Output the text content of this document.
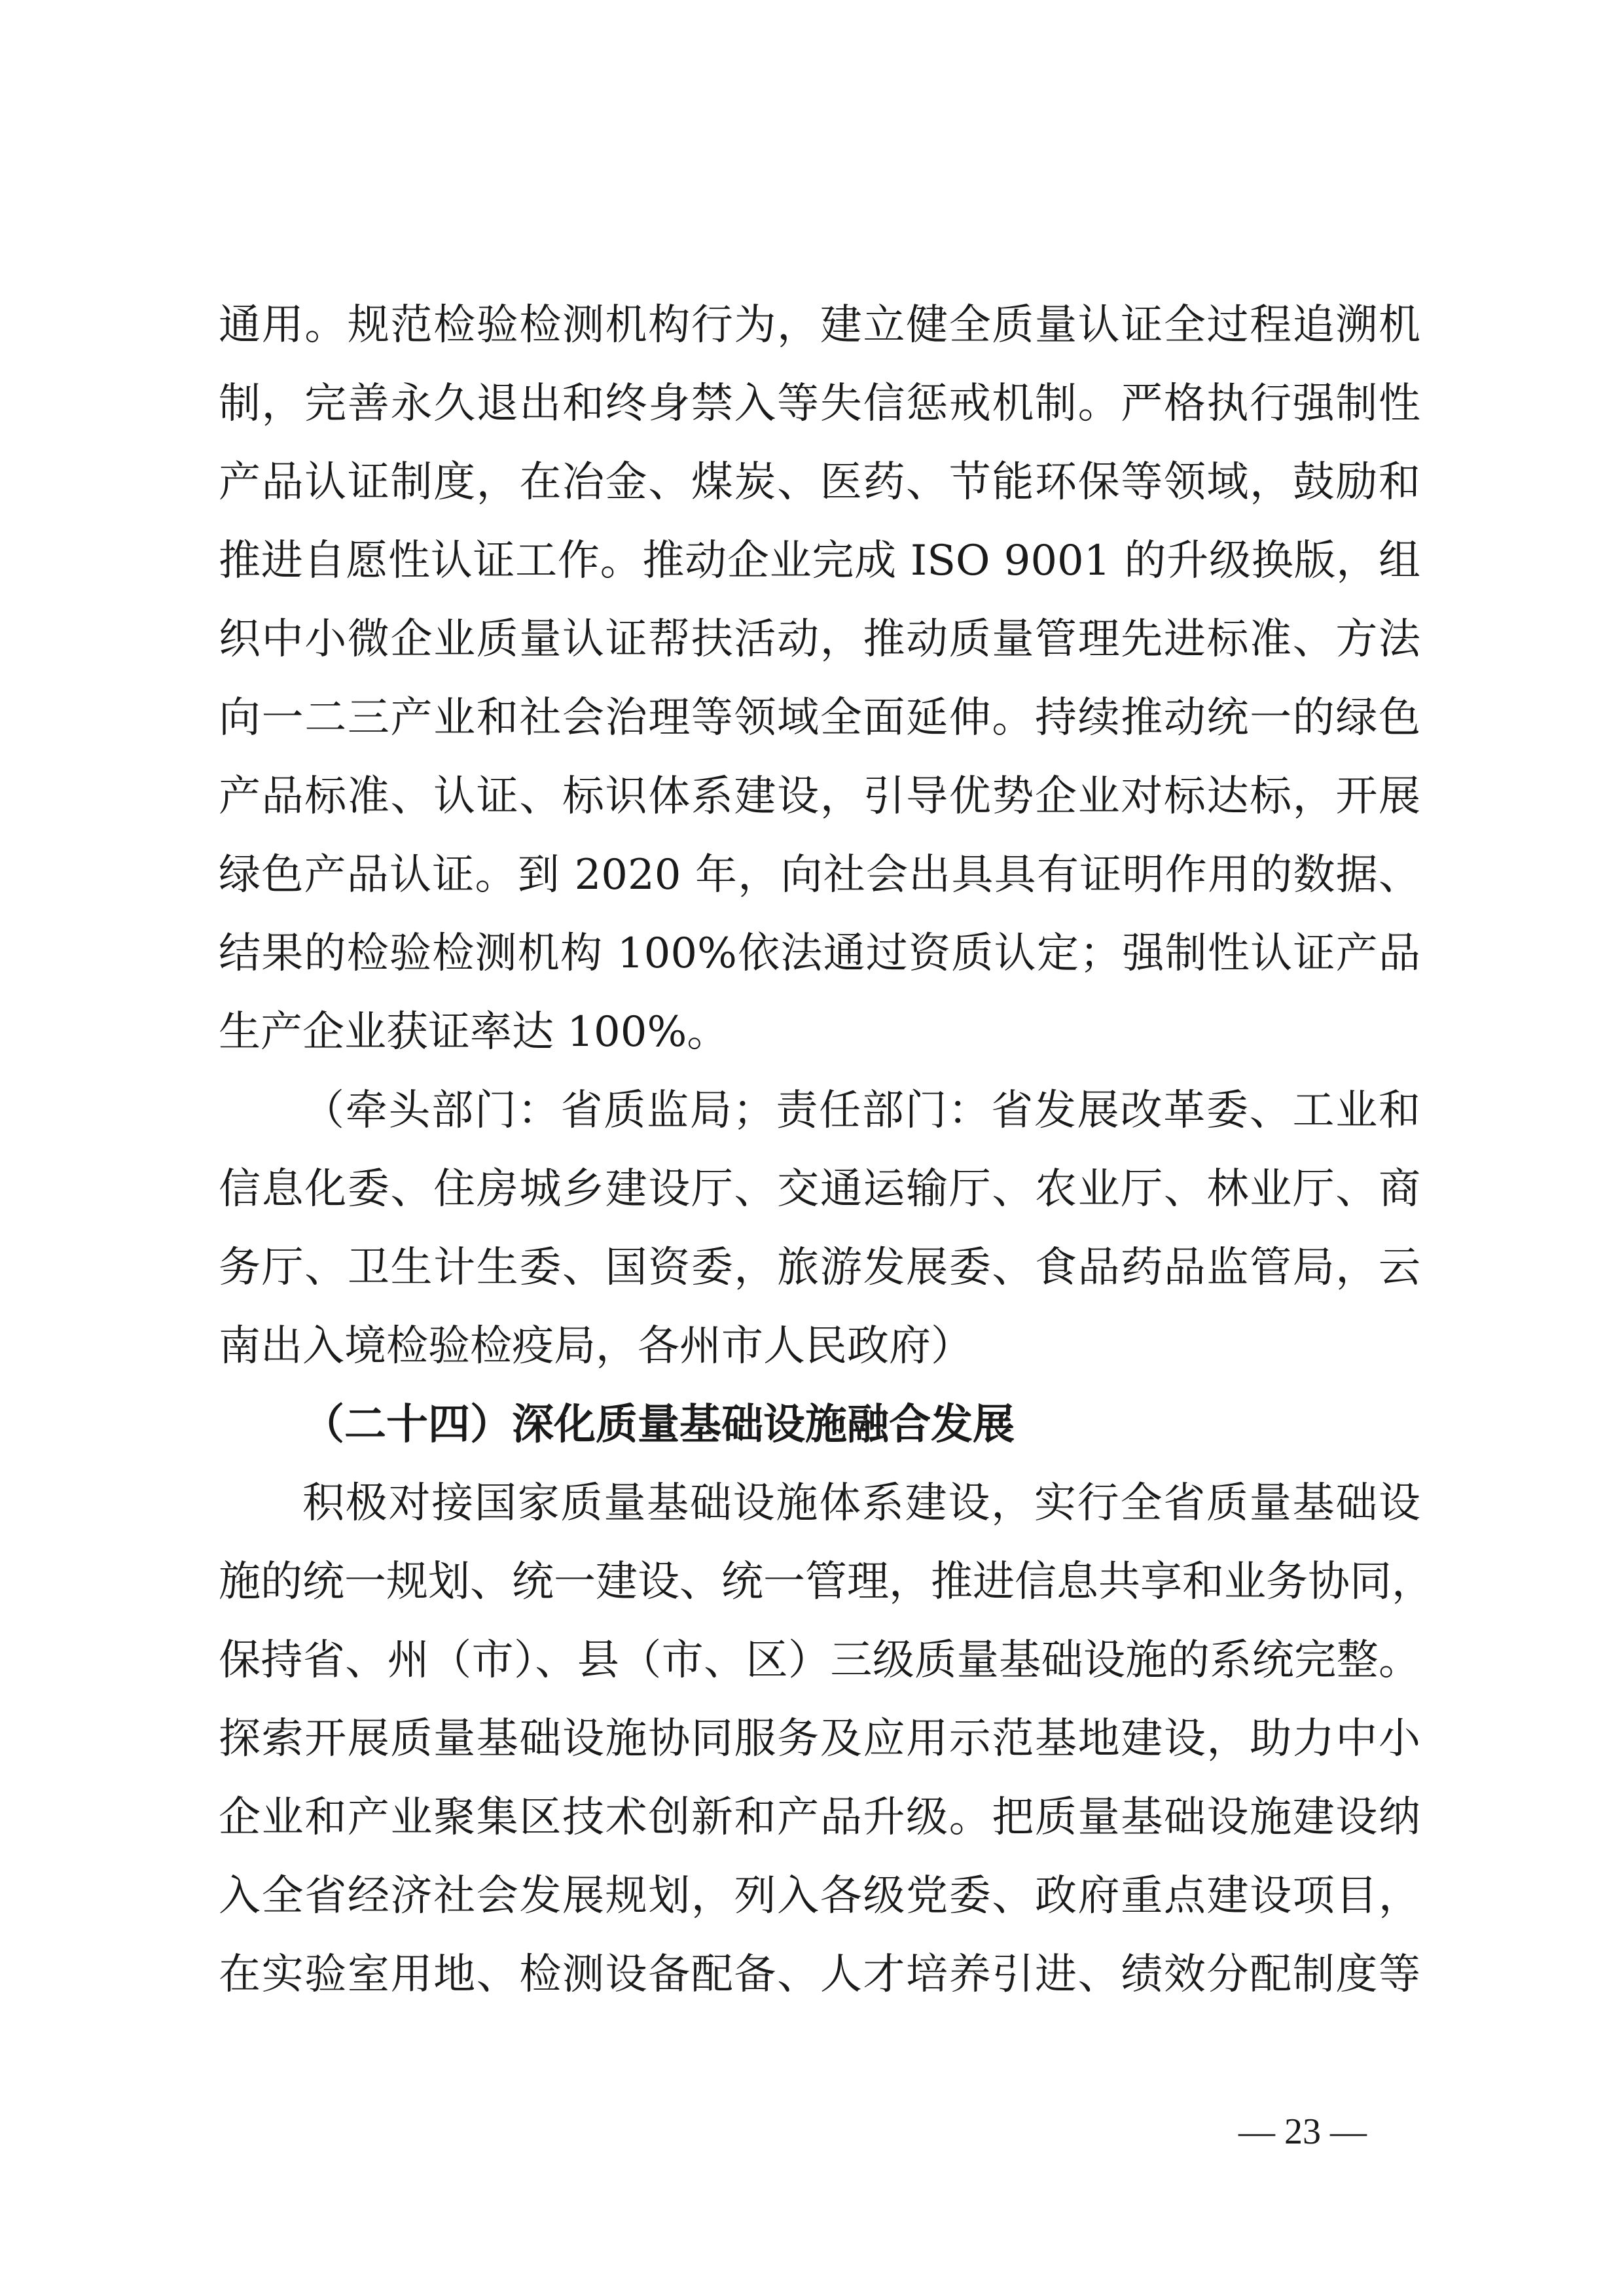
通用。规范检验检测机构行为，建立健全质量认证全过程追溯机
制，完善永久退出和终身禁入等失信惩戒机制。严格执行强制性
产品认证制度，在冶金、煤炭、医药、节能环保等领域，鼓励和
推进自愿性认证工作。推动企业完成 ISO 9001 的升级换版，组
织中小微企业质量认证帮扶活动，推动质量管理先进标准、方法
向一二三产业和社会治理等领域全面延伸。持续推动统一的绿色
产品标准、认证、标识体系建设，引导优势企业对标达标，开展
绿色产品认证。到 2020 年，向社会出具具有证明作用的数据、
结果的检验检测机构 100%依法通过资质认定；强制性认证产品
生产企业获证率达 100%。
（牵头部门：省质监局；责任部门：省发展改革委、工业和
信息化委、住房城乡建设厅、交通运输厅、农业厅、林业厅、商
务厅、卫生计生委、国资委，旅游发展委、食品药品监管局，云
南出入境检验检疫局，各州市人民政府）
（二十四）深化质量基础设施融合发展
积极对接国家质量基础设施体系建设，实行全省质量基础设
施的统一规划、统一建设、统一管理，推进信息共享和业务协同，
保持省、州（市）、县（市、区）三级质量基础设施的系统完整。
探索开展质量基础设施协同服务及应用示范基地建设，助力中小
企业和产业聚集区技术创新和产品升级。把质量基础设施建设纳
入全省经济社会发展规划，列入各级党委、政府重点建设项目，
在实验室用地、检测设备配备、人才培养引进、绩效分配制度等
— 23 —
